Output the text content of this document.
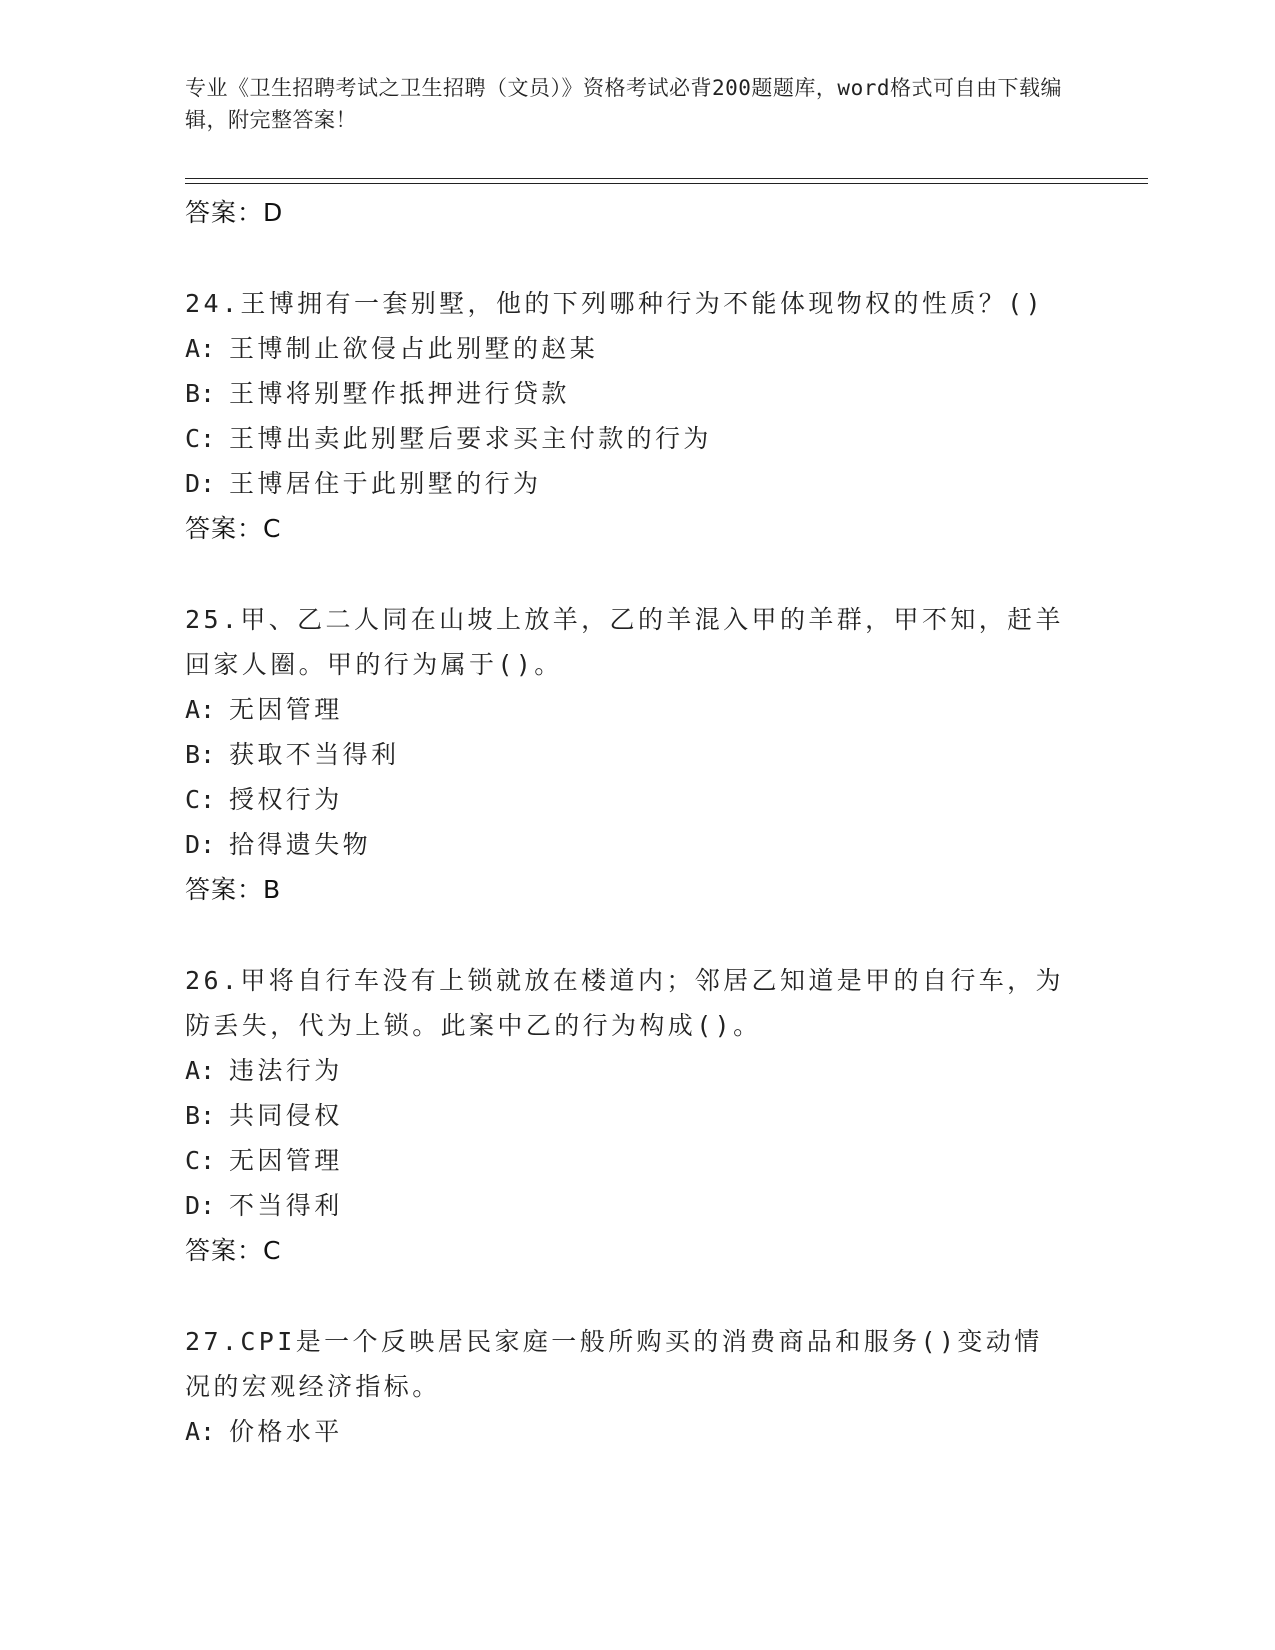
专业《卫生招聘考试之卫生招聘（文员）》资格考试必背200题题库，word格式可自由下载编辑，附完整答案！
答案：D
24.王博拥有一套别墅，他的下列哪种行为不能体现物权的性质？()
A: 王博制止欲侵占此别墅的赵某
B: 王博将别墅作抵押进行贷款
C: 王博出卖此别墅后要求买主付款的行为
D: 王博居住于此别墅的行为
答案：C
25.甲、乙二人同在山坡上放羊，乙的羊混入甲的羊群，甲不知，赶羊回家人圈。甲的行为属于()。
A: 无因管理
B: 获取不当得利
C: 授权行为
D: 拾得遗失物
答案：B
26.甲将自行车没有上锁就放在楼道内；邻居乙知道是甲的自行车，为防丢失，代为上锁。此案中乙的行为构成()。
A: 违法行为
B: 共同侵权
C: 无因管理
D: 不当得利
答案：C
27.CPI是一个反映居民家庭一般所购买的消费商品和服务()变动情况的宏观经济指标。
A: 价格水平
